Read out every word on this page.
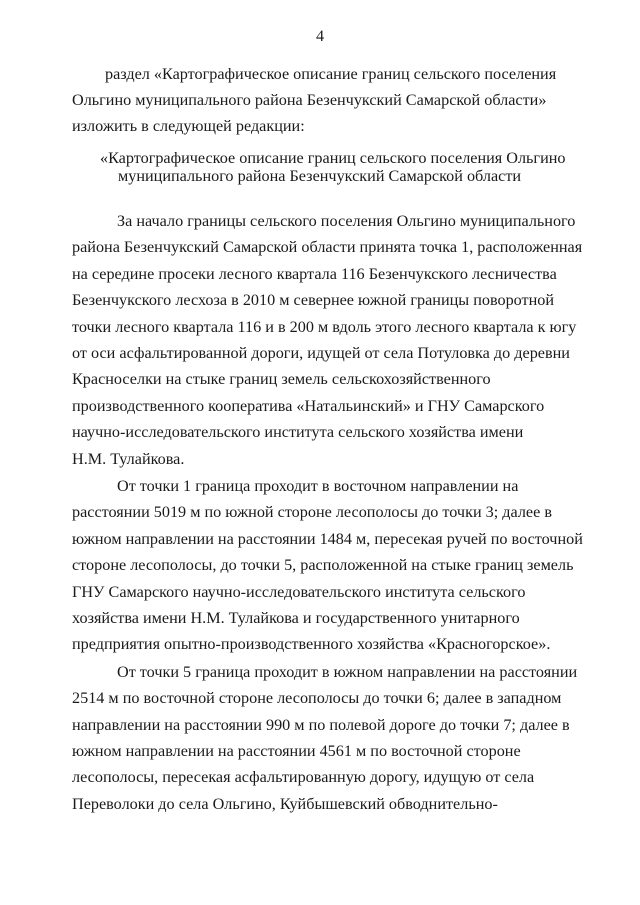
4
раздел «Картографическое описание границ сельского поселения
Ольгино муниципального района Безенчукский Самарской области»
изложить в следующей редакции:
«Картографическое описание границ сельского поселения Ольгино
муниципального района Безенчукский Самарской области
За начало границы сельского поселения Ольгино муниципального
района Безенчукский Самарской области принята точка 1, расположенная
на середине просеки лесного квартала 116 Безенчукского лесничества
Безенчукского лесхоза в 2010 м севернее южной границы поворотной
точки лесного квартала 116 и в 200 м вдоль этого лесного квартала к югу
от оси асфальтированной дороги, идущей от села Потуловка до деревни
Красноселки на стыке границ земель сельскохозяйственного
производственного кооператива «Натальинский» и ГНУ Самарского
научно-исследовательского института сельского хозяйства имени
Н.М. Тулайкова.
От точки 1 граница проходит в восточном направлении на
расстоянии 5019 м по южной стороне лесополосы до точки 3; далее в
южном направлении на расстоянии 1484 м, пересекая ручей по восточной
стороне лесополосы, до точки 5, расположенной на стыке границ земель
ГНУ Самарского научно-исследовательского института сельского
хозяйства имени Н.М. Тулайкова и государственного унитарного
предприятия опытно-производственного хозяйства «Красногорское».
От точки 5 граница проходит в южном направлении на расстоянии
2514 м по восточной стороне лесополосы до точки 6; далее в западном
направлении на расстоянии 990 м по полевой дороге до точки 7; далее в
южном направлении на расстоянии 4561 м по восточной стороне
лесополосы, пересекая асфальтированную дорогу, идущую от села
Переволоки до села Ольгино, Куйбышевский обводнительно-
